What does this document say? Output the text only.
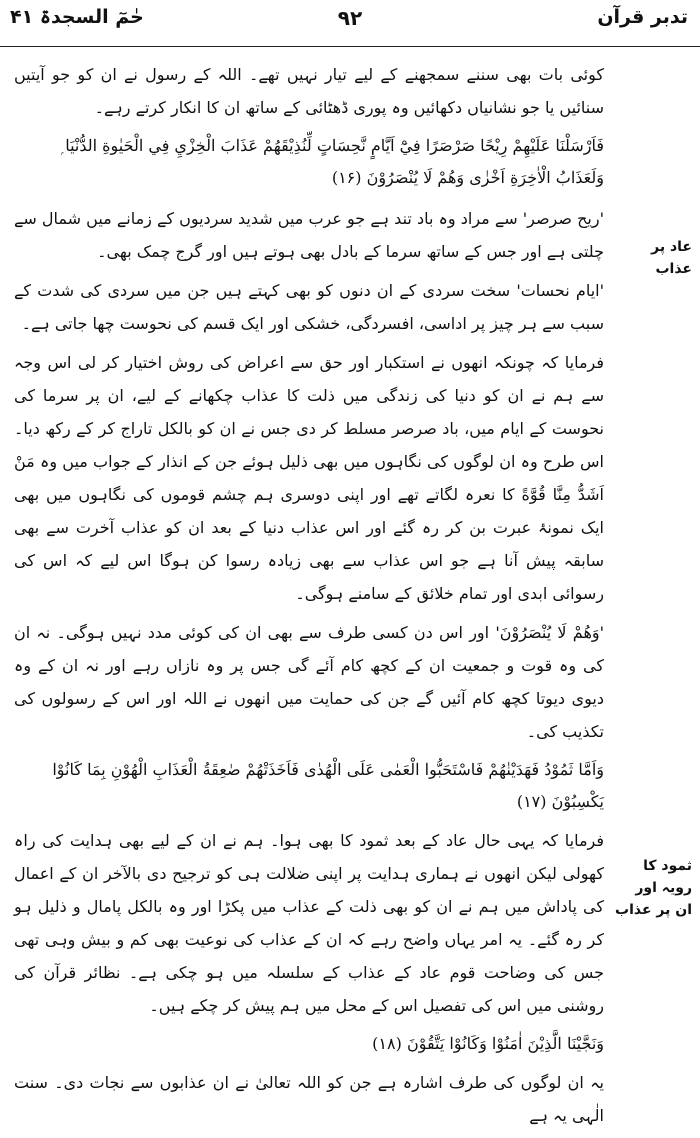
تدبر قرآن
۹۲
حٰمٓ السجدۃ ۴۱
عاد پر عذاب
ثمود کا رویہ اور ان پر عذاب

کوئی بات بھی سننے سمجھنے کے لیے تیار نہیں تھے۔ اللہ کے رسول نے ان کو جو آیتیں سنائیں یا جو نشانیاں دکھائیں وہ پوری ڈھٹائی کے ساتھ ان کا انکار کرتے رہے۔

فَاَرْسَلْنَا عَلَيْهِمْ رِيْحًا صَرْصَرًا فِيْٓ اَيَّامٍ نَّحِسَاتٍ لِّنُذِيْقَهُمْ عَذَابَ الْخِزْيِ فِي الْحَيٰوةِ الدُّنْيَا ۭ وَلَعَذَابُ الْاٰخِرَةِ اَخْزٰى وَهُمْ لَا يُنْصَرُوْنَ (۱۶)

'ریح صرصر' سے مراد وہ باد تند ہے جو عرب میں شدید سردیوں کے زمانے میں شمال سے چلتی ہے اور جس کے ساتھ سرما کے بادل بھی ہوتے ہیں اور گرج چمک بھی۔

'ایام نحسات' سخت سردی کے ان دنوں کو بھی کہتے ہیں جن میں سردی کی شدت کے سبب سے ہر چیز پر اداسی، افسردگی، خشکی اور ایک قسم کی نحوست چھا جاتی ہے۔

فرمایا کہ چونکہ انھوں نے استکبار اور حق سے اعراض کی روش اختیار کر لی اس وجہ سے ہم نے ان کو دنیا کی زندگی میں ذلت کا عذاب چکھانے کے لیے، ان پر سرما کی نحوست کے ایام میں، باد صرصر مسلط کر دی جس نے ان کو بالکل تاراج کر کے رکھ دیا۔ اس طرح وہ ان لوگوں کی نگاہوں میں بھی ذلیل ہوئے جن کے انذار کے جواب میں وہ مَنْ اَشَدُّ مِنَّا قُوَّةً کا نعرہ لگاتے تھے اور اپنی دوسری ہم چشم قوموں کی نگاہوں میں بھی ایک نمونۂ عبرت بن کر رہ گئے اور اس عذاب دنیا کے بعد ان کو عذاب آخرت سے بھی سابقہ پیش آنا ہے جو اس عذاب سے بھی زیادہ رسوا کن ہوگا اس لیے کہ اس کی رسوائی ابدی اور تمام خلائق کے سامنے ہوگی۔

'وَهُمْ لَا يُنْصَرُوْنَ' اور اس دن کسی طرف سے بھی ان کی کوئی مدد نہیں ہوگی۔ نہ ان کی وہ قوت و جمعیت ان کے کچھ کام آئے گی جس پر وہ نازاں رہے اور نہ ان کے وہ دیوی دیوتا کچھ کام آئیں گے جن کی حمایت میں انھوں نے اللہ اور اس کے رسولوں کی تکذیب کی۔

وَاَمَّا ثَمُوْدُ فَهَدَيْنٰهُمْ فَاسْتَحَبُّوا الْعَمٰى عَلَى الْهُدٰى فَاَخَذَتْهُمْ صٰعِقَةُ الْعَذَابِ الْهُوْنِ بِمَا كَانُوْا يَكْسِبُوْنَ (۱۷)

فرمایا کہ یہی حال عاد کے بعد ثمود کا بھی ہوا۔ ہم نے ان کے لیے بھی ہدایت کی راہ کھولی لیکن انھوں نے ہماری ہدایت پر اپنی ضلالت ہی کو ترجیح دی بالآخر ان کے اعمال کی پاداش میں ہم نے ان کو بھی ذلت کے عذاب میں پکڑا اور وہ بالکل پامال و ذلیل ہو کر رہ گئے۔ یہ امر یہاں واضح رہے کہ ان کے عذاب کی نوعیت بھی کم و بیش وہی تھی جس کی وضاحت قوم عاد کے عذاب کے سلسلہ میں ہو چکی ہے۔ نظائر قرآن کی روشنی میں اس کی تفصیل اس کے محل میں ہم پیش کر چکے ہیں۔

وَنَجَّيْنَا الَّذِيْنَ اٰمَنُوْا وَكَانُوْا يَتَّقُوْنَ (۱۸)

یہ ان لوگوں کی طرف اشارہ ہے جن کو اللہ تعالیٰ نے ان عذابوں سے نجات دی۔ سنت الٰہی یہ ہے
